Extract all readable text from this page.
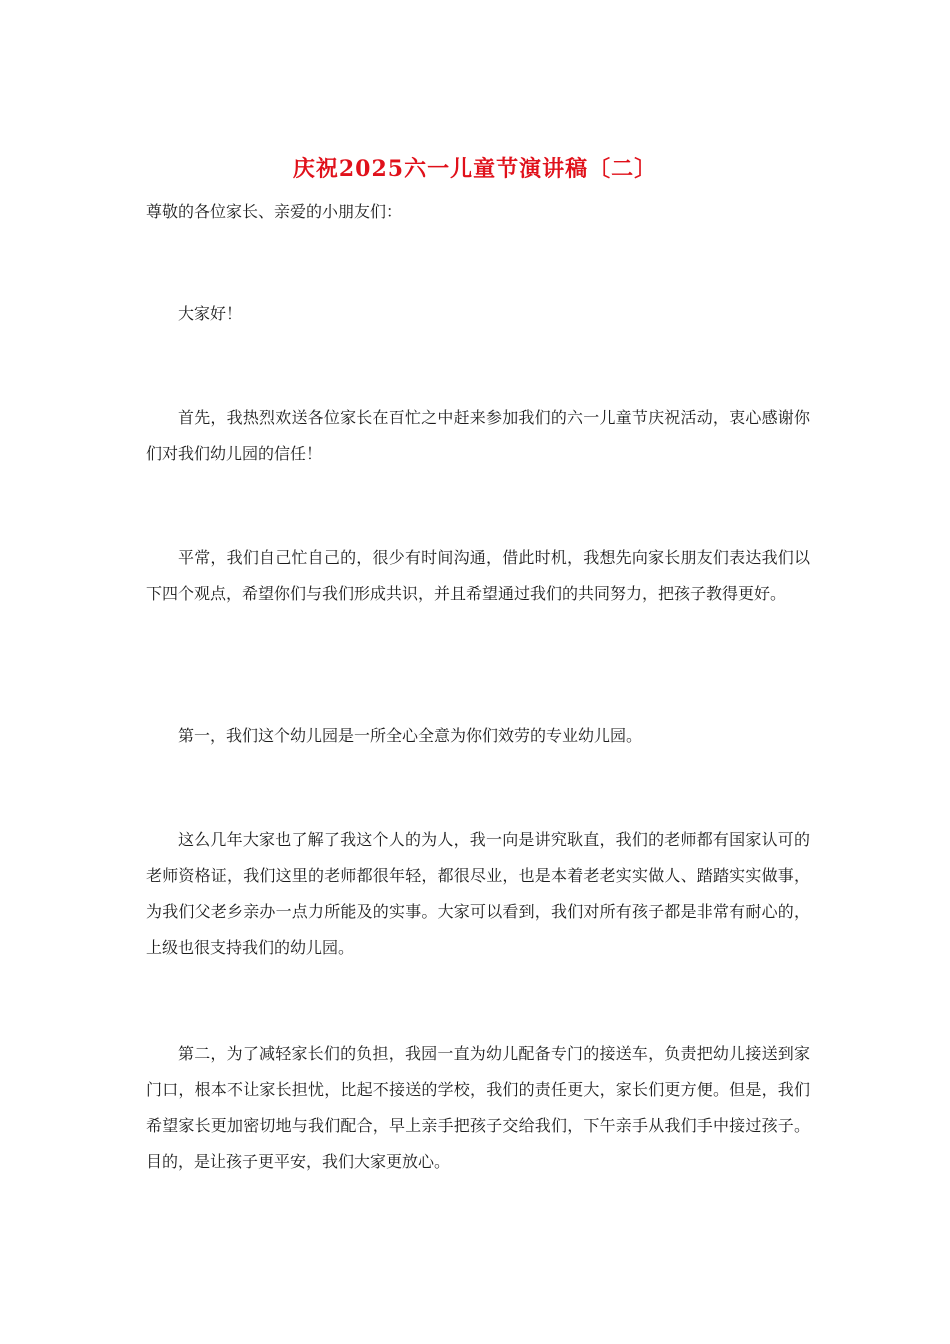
庆祝2025六一儿童节演讲稿〔二〕
尊敬的各位家长、亲爱的小朋友们：

大家好！

首先，我热烈欢送各位家长在百忙之中赶来参加我们的六一儿童节庆祝活动，衷心感谢你们对我们幼儿园的信任！

平常，我们自己忙自己的，很少有时间沟通，借此时机，我想先向家长朋友们表达我们以下四个观点，希望你们与我们形成共识，并且希望通过我们的共同努力，把孩子教得更好。

第一，我们这个幼儿园是一所全心全意为你们效劳的专业幼儿园。

这么几年大家也了解了我这个人的为人，我一向是讲究耿直，我们的老师都有国家认可的老师资格证，我们这里的老师都很年轻，都很尽业，也是本着老老实实做人、踏踏实实做事，为我们父老乡亲办一点力所能及的实事。大家可以看到，我们对所有孩子都是非常有耐心的，上级也很支持我们的幼儿园。

第二，为了减轻家长们的负担，我园一直为幼儿配备专门的接送车，负责把幼儿接送到家门口，根本不让家长担忧，比起不接送的学校，我们的责任更大，家长们更方便。但是，我们希望家长更加密切地与我们配合，早上亲手把孩子交给我们，下午亲手从我们手中接过孩子。目的，是让孩子更平安，我们大家更放心。
